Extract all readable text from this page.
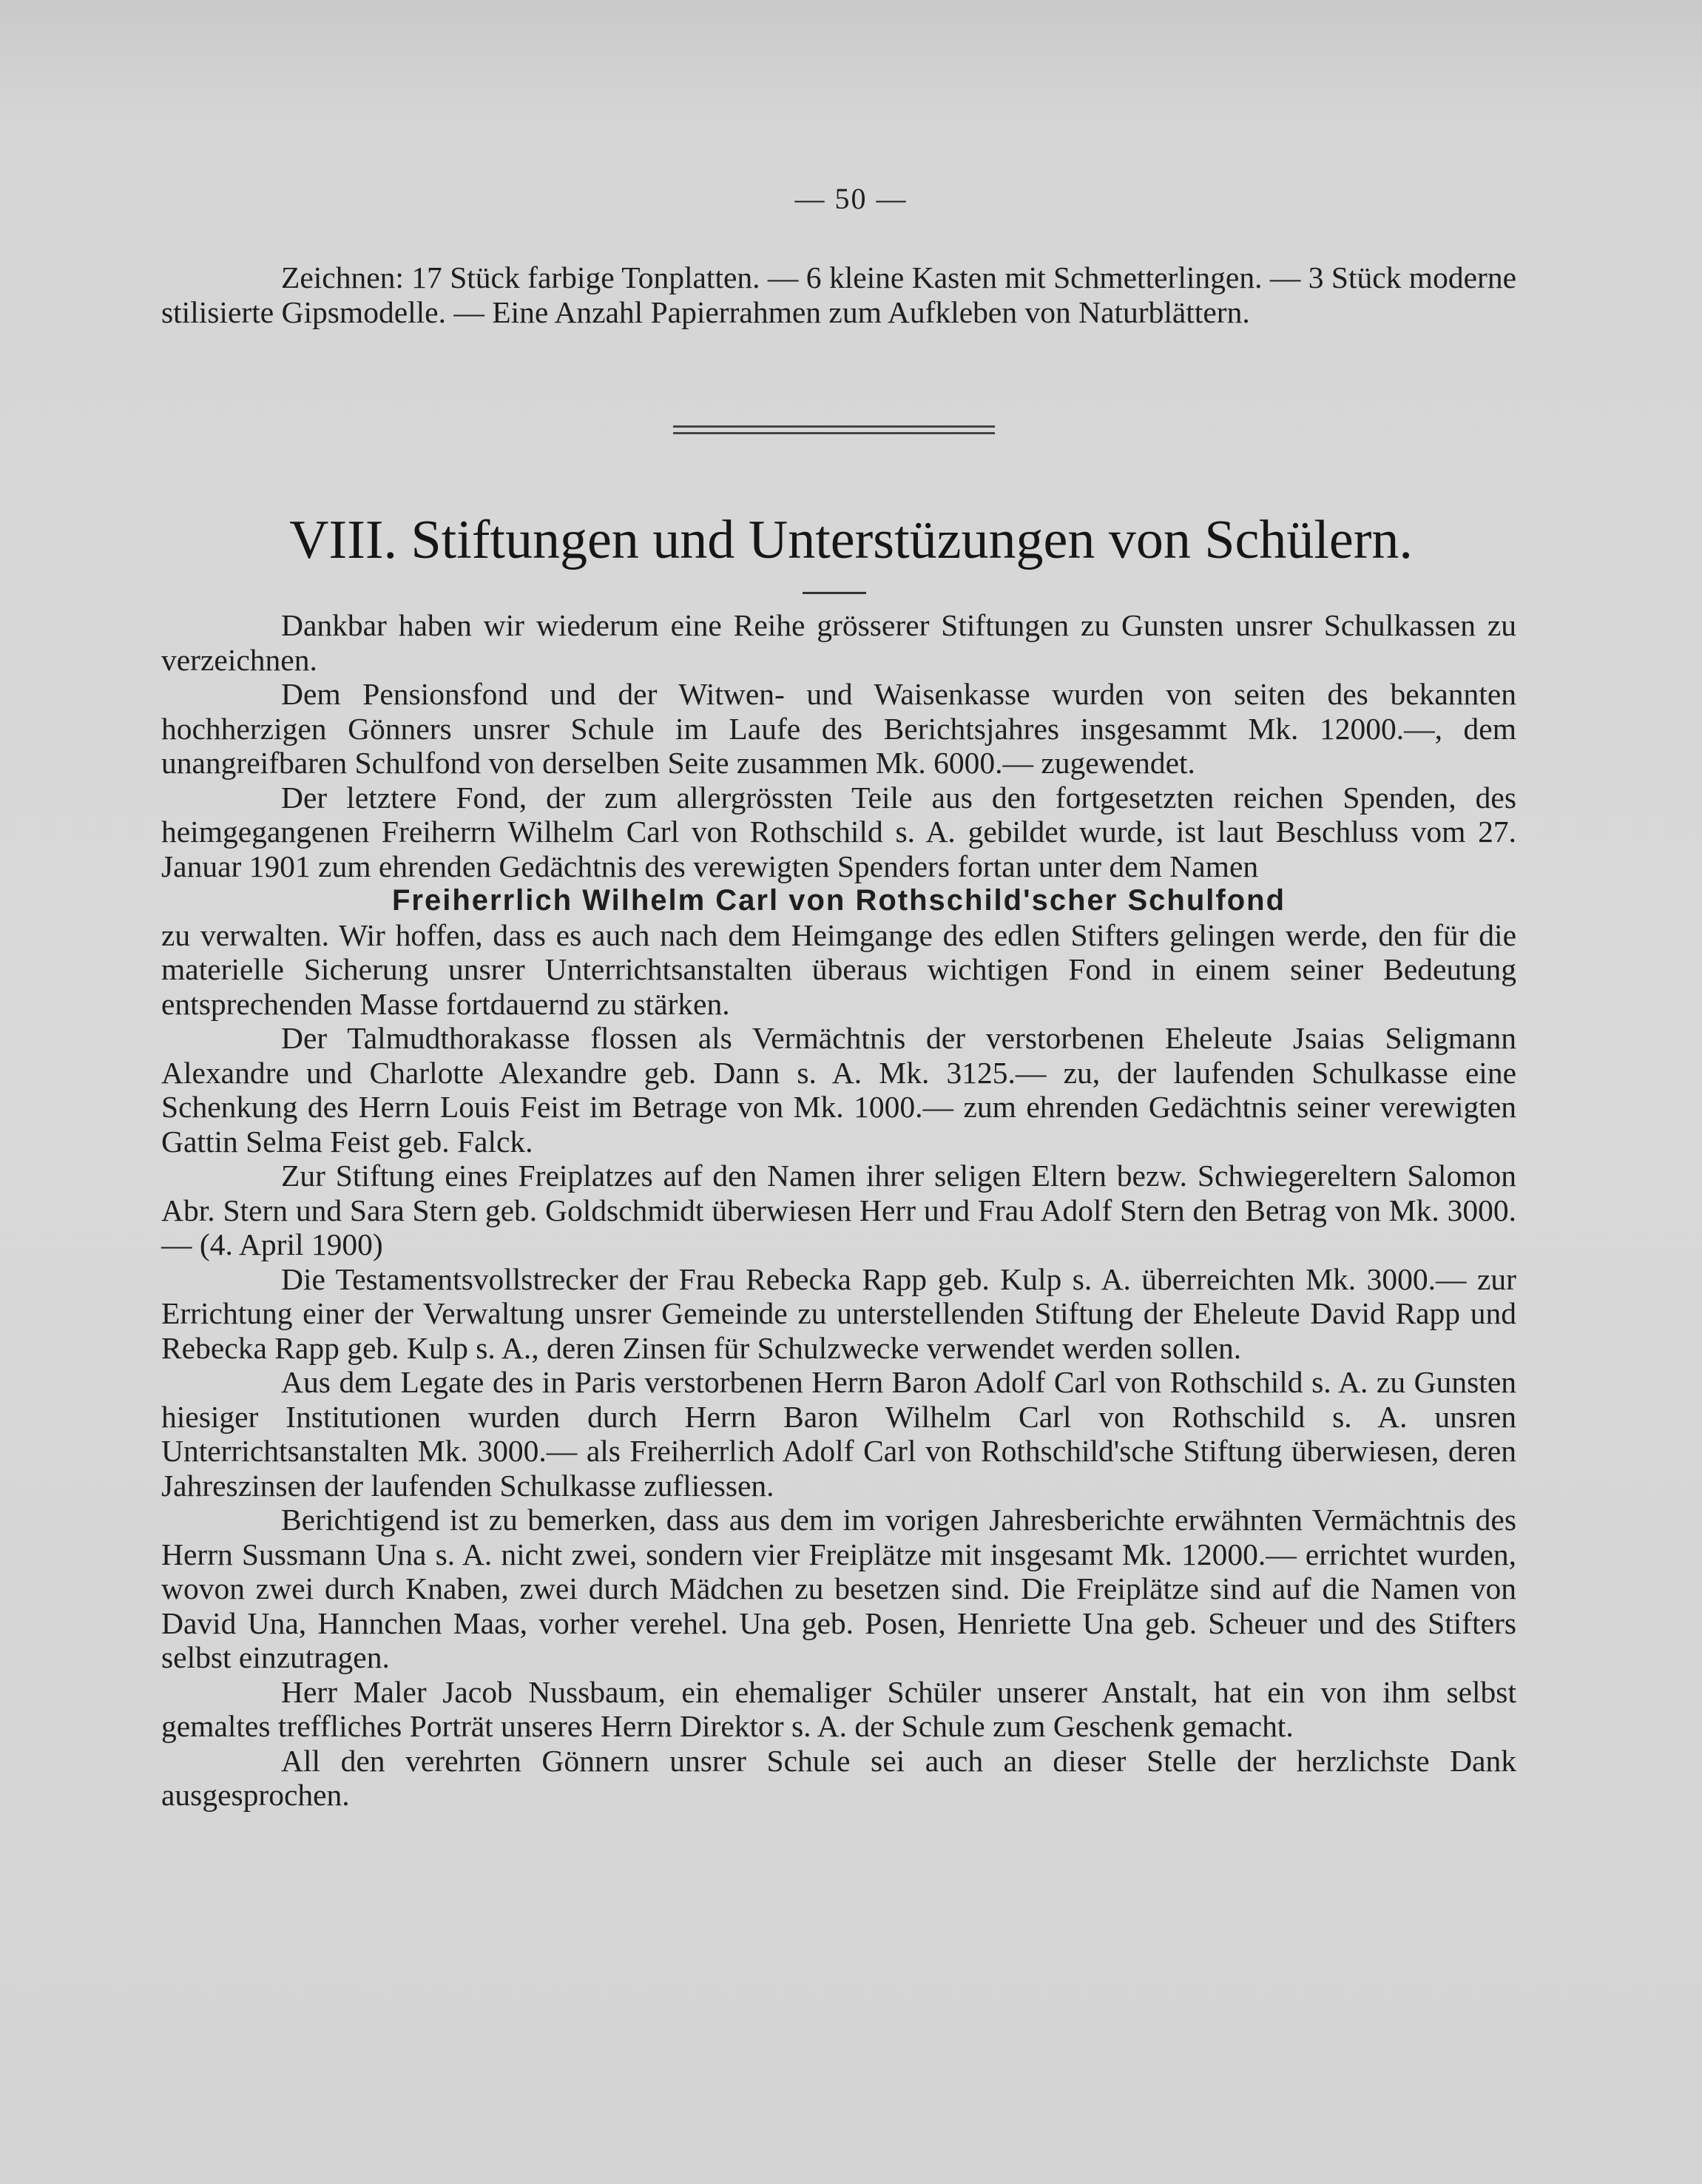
— 50 —

Zeichnen: 17 Stück farbige Tonplatten. — 6 kleine Kasten mit Schmetterlingen. — 3 Stück moderne stilisierte Gipsmodelle. — Eine Anzahl Papierrahmen zum Aufkleben von Naturblättern.

VIII. Stiftungen und Unterstüzungen von Schülern.

Dankbar haben wir wiederum eine Reihe grösserer Stiftungen zu Gunsten unsrer Schulkassen zu verzeichnen.

Dem Pensionsfond und der Witwen- und Waisenkasse wurden von seiten des bekannten hochherzigen Gönners unsrer Schule im Laufe des Berichtsjahres insgesammt Mk. 12000.—, dem unangreifbaren Schulfond von derselben Seite zusammen Mk. 6000.— zugewendet.

Der letztere Fond, der zum allergrössten Teile aus den fortgesetzten reichen Spenden, des heimgegangenen Freiherrn Wilhelm Carl von Rothschild s. A. gebildet wurde, ist laut Beschluss vom 27. Januar 1901 zum ehrenden Gedächtnis des verewigten Spenders fortan unter dem Namen

Freiherrlich Wilhelm Carl von Rothschild'scher Schulfond

zu verwalten. Wir hoffen, dass es auch nach dem Heimgange des edlen Stifters gelingen werde, den für die materielle Sicherung unsrer Unterrichtsanstalten überaus wichtigen Fond in einem seiner Bedeutung entsprechenden Masse fortdauernd zu stärken.

Der Talmudthorakasse flossen als Vermächtnis der verstorbenen Eheleute Jsaias Seligmann Alexandre und Charlotte Alexandre geb. Dann s. A. Mk. 3125.— zu, der laufenden Schulkasse eine Schenkung des Herrn Louis Feist im Betrage von Mk. 1000.— zum ehrenden Gedächtnis seiner verewigten Gattin Selma Feist geb. Falck.

Zur Stiftung eines Freiplatzes auf den Namen ihrer seligen Eltern bezw. Schwiegereltern Salomon Abr. Stern und Sara Stern geb. Goldschmidt überwiesen Herr und Frau Adolf Stern den Betrag von Mk. 3000.— (4. April 1900)

Die Testamentsvollstrecker der Frau Rebecka Rapp geb. Kulp s. A. überreichten Mk. 3000.— zur Errichtung einer der Verwaltung unsrer Gemeinde zu unterstellenden Stiftung der Eheleute David Rapp und Rebecka Rapp geb. Kulp s. A., deren Zinsen für Schulzwecke verwendet werden sollen.

Aus dem Legate des in Paris verstorbenen Herrn Baron Adolf Carl von Rothschild s. A. zu Gunsten hiesiger Institutionen wurden durch Herrn Baron Wilhelm Carl von Rothschild s. A. unsren Unterrichtsanstalten Mk. 3000.— als Freiherrlich Adolf Carl von Rothschild'sche Stiftung überwiesen, deren Jahreszinsen der laufenden Schulkasse zufliessen.

Berichtigend ist zu bemerken, dass aus dem im vorigen Jahresberichte erwähnten Vermächtnis des Herrn Sussmann Una s. A. nicht zwei, sondern vier Freiplätze mit insgesamt Mk. 12000.— errichtet wurden, wovon zwei durch Knaben, zwei durch Mädchen zu besetzen sind. Die Freiplätze sind auf die Namen von David Una, Hannchen Maas, vorher verehel. Una geb. Posen, Henriette Una geb. Scheuer und des Stifters selbst einzutragen.

Herr Maler Jacob Nussbaum, ein ehemaliger Schüler unserer Anstalt, hat ein von ihm selbst gemaltes treffliches Porträt unseres Herrn Direktor s. A. der Schule zum Geschenk gemacht.

All den verehrten Gönnern unsrer Schule sei auch an dieser Stelle der herzlichste Dank ausgesprochen.
